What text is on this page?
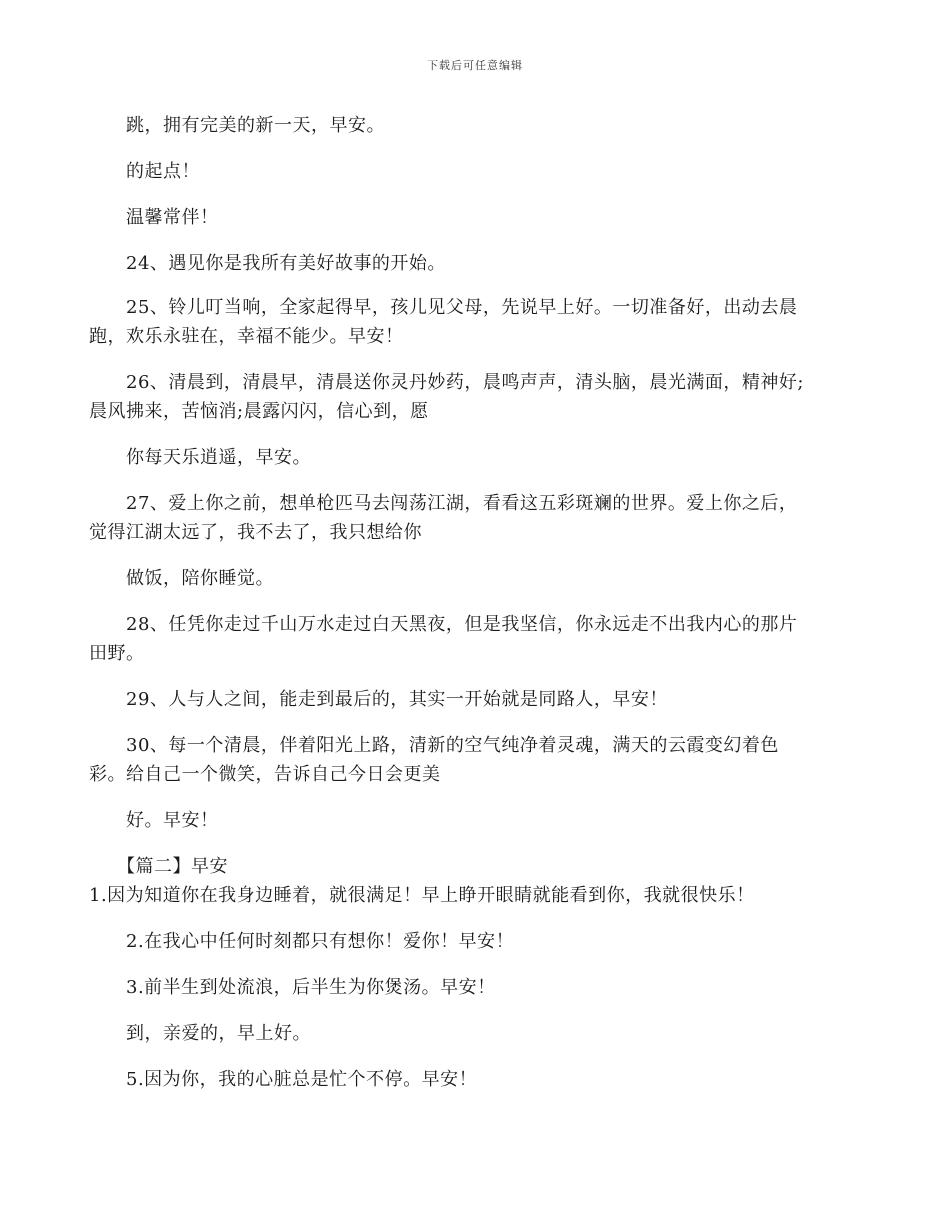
下载后可任意编辑
跳，拥有完美的新一天，早安。
的起点！
温馨常伴！
24、遇见你是我所有美好故事的开始。
25、铃儿叮当响，全家起得早，孩儿见父母，先说早上好。一切准备好，出动去晨
跑，欢乐永驻在，幸福不能少。早安！
26、清晨到，清晨早，清晨送你灵丹妙药，晨鸣声声，清头脑，晨光满面，精神好;
晨风拂来，苦恼消;晨露闪闪，信心到，愿
你每天乐逍遥，早安。
27、爱上你之前，想单枪匹马去闯荡江湖，看看这五彩斑斓的世界。爱上你之后，
觉得江湖太远了，我不去了，我只想给你
做饭，陪你睡觉。
28、任凭你走过千山万水走过白天黑夜，但是我坚信，你永远走不出我内心的那片
田野。
29、人与人之间，能走到最后的，其实一开始就是同路人，早安！
30、每一个清晨，伴着阳光上路，清新的空气纯净着灵魂，满天的云霞变幻着色
彩。给自己一个微笑，告诉自己今日会更美
好。早安！
【篇二】早安
1.因为知道你在我身边睡着，就很满足！早上睁开眼睛就能看到你，我就很快乐！
2.在我心中任何时刻都只有想你！爱你！早安！
3.前半生到处流浪，后半生为你煲汤。早安！
到，亲爱的，早上好。
5.因为你，我的心脏总是忙个不停。早安！
